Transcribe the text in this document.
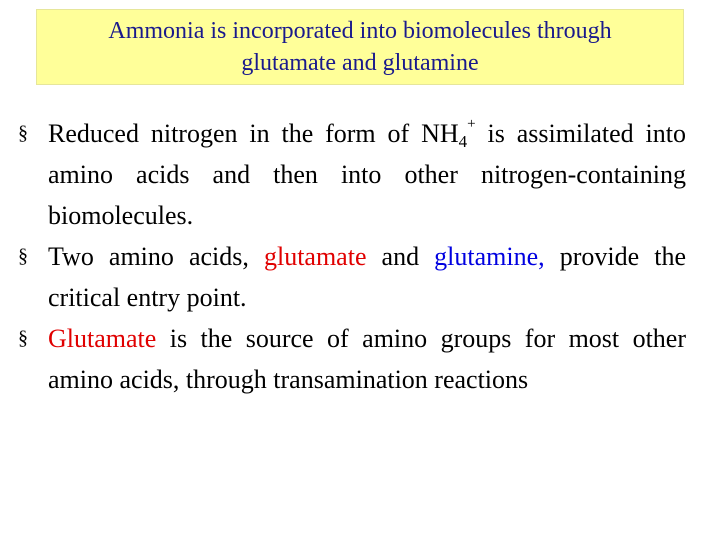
Ammonia is incorporated into biomolecules through
glutamate and glutamine
§ Reduced nitrogen in the form of $NH_4^+$ is assimilated into amino acids and then into other nitrogen-containing biomolecules.
§ Two amino acids, glutamate and glutamine, provide the critical entry point.
§ Glutamate is the source of amino groups for most other amino acids, through transamination reactions
